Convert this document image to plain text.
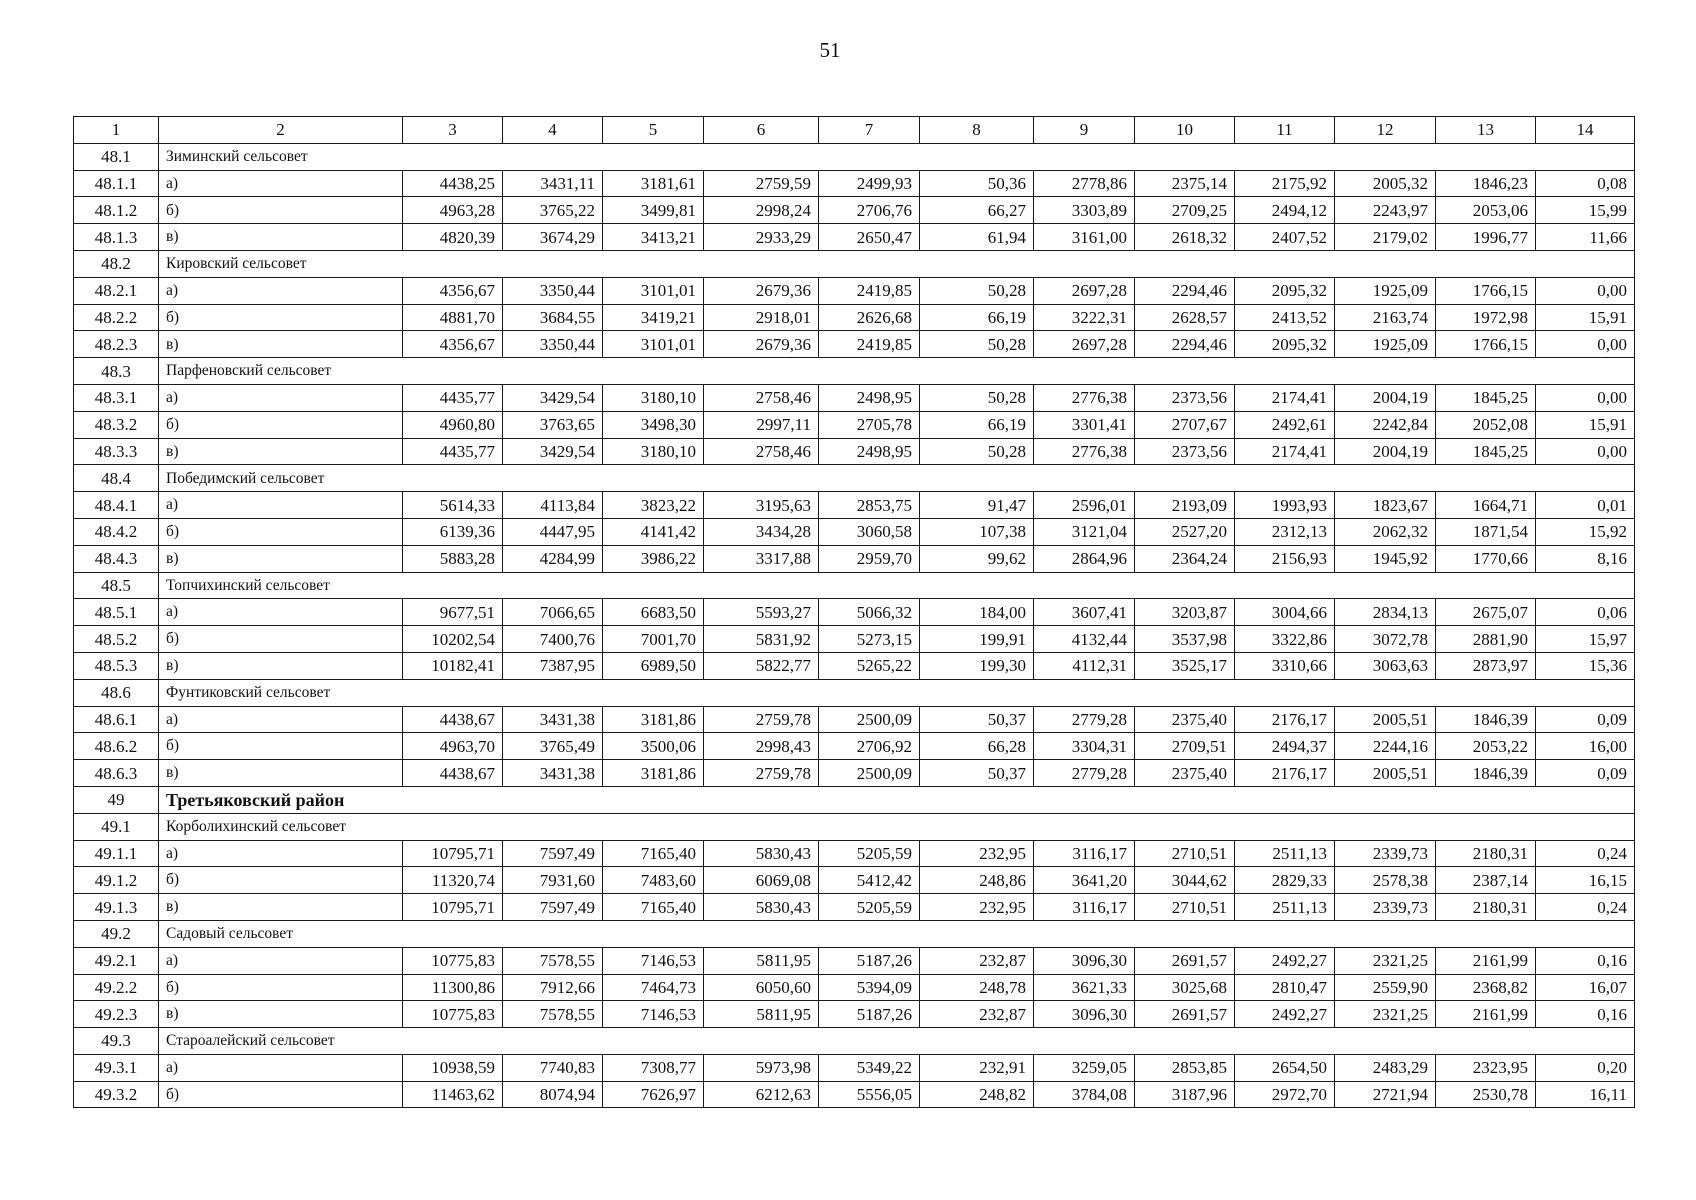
51
1	2	3	4	5	6	7	8	9	10	11	12	13	14
48.1	Зиминский сельсовет												
48.1.1	а)	4438,25	3431,11	3181,61	2759,59	2499,93	50,36	2778,86	2375,14	2175,92	2005,32	1846,23	0,08
48.1.2	б)	4963,28	3765,22	3499,81	2998,24	2706,76	66,27	3303,89	2709,25	2494,12	2243,97	2053,06	15,99
48.1.3	в)	4820,39	3674,29	3413,21	2933,29	2650,47	61,94	3161,00	2618,32	2407,52	2179,02	1996,77	11,66
48.2	Кировский сельсовет												
48.2.1	а)	4356,67	3350,44	3101,01	2679,36	2419,85	50,28	2697,28	2294,46	2095,32	1925,09	1766,15	0,00
48.2.2	б)	4881,70	3684,55	3419,21	2918,01	2626,68	66,19	3222,31	2628,57	2413,52	2163,74	1972,98	15,91
48.2.3	в)	4356,67	3350,44	3101,01	2679,36	2419,85	50,28	2697,28	2294,46	2095,32	1925,09	1766,15	0,00
48.3	Парфеновский сельсовет												
48.3.1	а)	4435,77	3429,54	3180,10	2758,46	2498,95	50,28	2776,38	2373,56	2174,41	2004,19	1845,25	0,00
48.3.2	б)	4960,80	3763,65	3498,30	2997,11	2705,78	66,19	3301,41	2707,67	2492,61	2242,84	2052,08	15,91
48.3.3	в)	4435,77	3429,54	3180,10	2758,46	2498,95	50,28	2776,38	2373,56	2174,41	2004,19	1845,25	0,00
48.4	Победимский сельсовет												
48.4.1	а)	5614,33	4113,84	3823,22	3195,63	2853,75	91,47	2596,01	2193,09	1993,93	1823,67	1664,71	0,01
48.4.2	б)	6139,36	4447,95	4141,42	3434,28	3060,58	107,38	3121,04	2527,20	2312,13	2062,32	1871,54	15,92
48.4.3	в)	5883,28	4284,99	3986,22	3317,88	2959,70	99,62	2864,96	2364,24	2156,93	1945,92	1770,66	8,16
48.5	Топчихинский сельсовет												
48.5.1	а)	9677,51	7066,65	6683,50	5593,27	5066,32	184,00	3607,41	3203,87	3004,66	2834,13	2675,07	0,06
48.5.2	б)	10202,54	7400,76	7001,70	5831,92	5273,15	199,91	4132,44	3537,98	3322,86	3072,78	2881,90	15,97
48.5.3	в)	10182,41	7387,95	6989,50	5822,77	5265,22	199,30	4112,31	3525,17	3310,66	3063,63	2873,97	15,36
48.6	Фунтиковский сельсовет												
48.6.1	а)	4438,67	3431,38	3181,86	2759,78	2500,09	50,37	2779,28	2375,40	2176,17	2005,51	1846,39	0,09
48.6.2	б)	4963,70	3765,49	3500,06	2998,43	2706,92	66,28	3304,31	2709,51	2494,37	2244,16	2053,22	16,00
48.6.3	в)	4438,67	3431,38	3181,86	2759,78	2500,09	50,37	2779,28	2375,40	2176,17	2005,51	1846,39	0,09
49	Третьяковский район												
49.1	Корболихинский сельсовет												
49.1.1	а)	10795,71	7597,49	7165,40	5830,43	5205,59	232,95	3116,17	2710,51	2511,13	2339,73	2180,31	0,24
49.1.2	б)	11320,74	7931,60	7483,60	6069,08	5412,42	248,86	3641,20	3044,62	2829,33	2578,38	2387,14	16,15
49.1.3	в)	10795,71	7597,49	7165,40	5830,43	5205,59	232,95	3116,17	2710,51	2511,13	2339,73	2180,31	0,24
49.2	Садовый сельсовет												
49.2.1	а)	10775,83	7578,55	7146,53	5811,95	5187,26	232,87	3096,30	2691,57	2492,27	2321,25	2161,99	0,16
49.2.2	б)	11300,86	7912,66	7464,73	6050,60	5394,09	248,78	3621,33	3025,68	2810,47	2559,90	2368,82	16,07
49.2.3	в)	10775,83	7578,55	7146,53	5811,95	5187,26	232,87	3096,30	2691,57	2492,27	2321,25	2161,99	0,16
49.3	Староалейский сельсовет												
49.3.1	а)	10938,59	7740,83	7308,77	5973,98	5349,22	232,91	3259,05	2853,85	2654,50	2483,29	2323,95	0,20
49.3.2	б)	11463,62	8074,94	7626,97	6212,63	5556,05	248,82	3784,08	3187,96	2972,70	2721,94	2530,78	16,11
